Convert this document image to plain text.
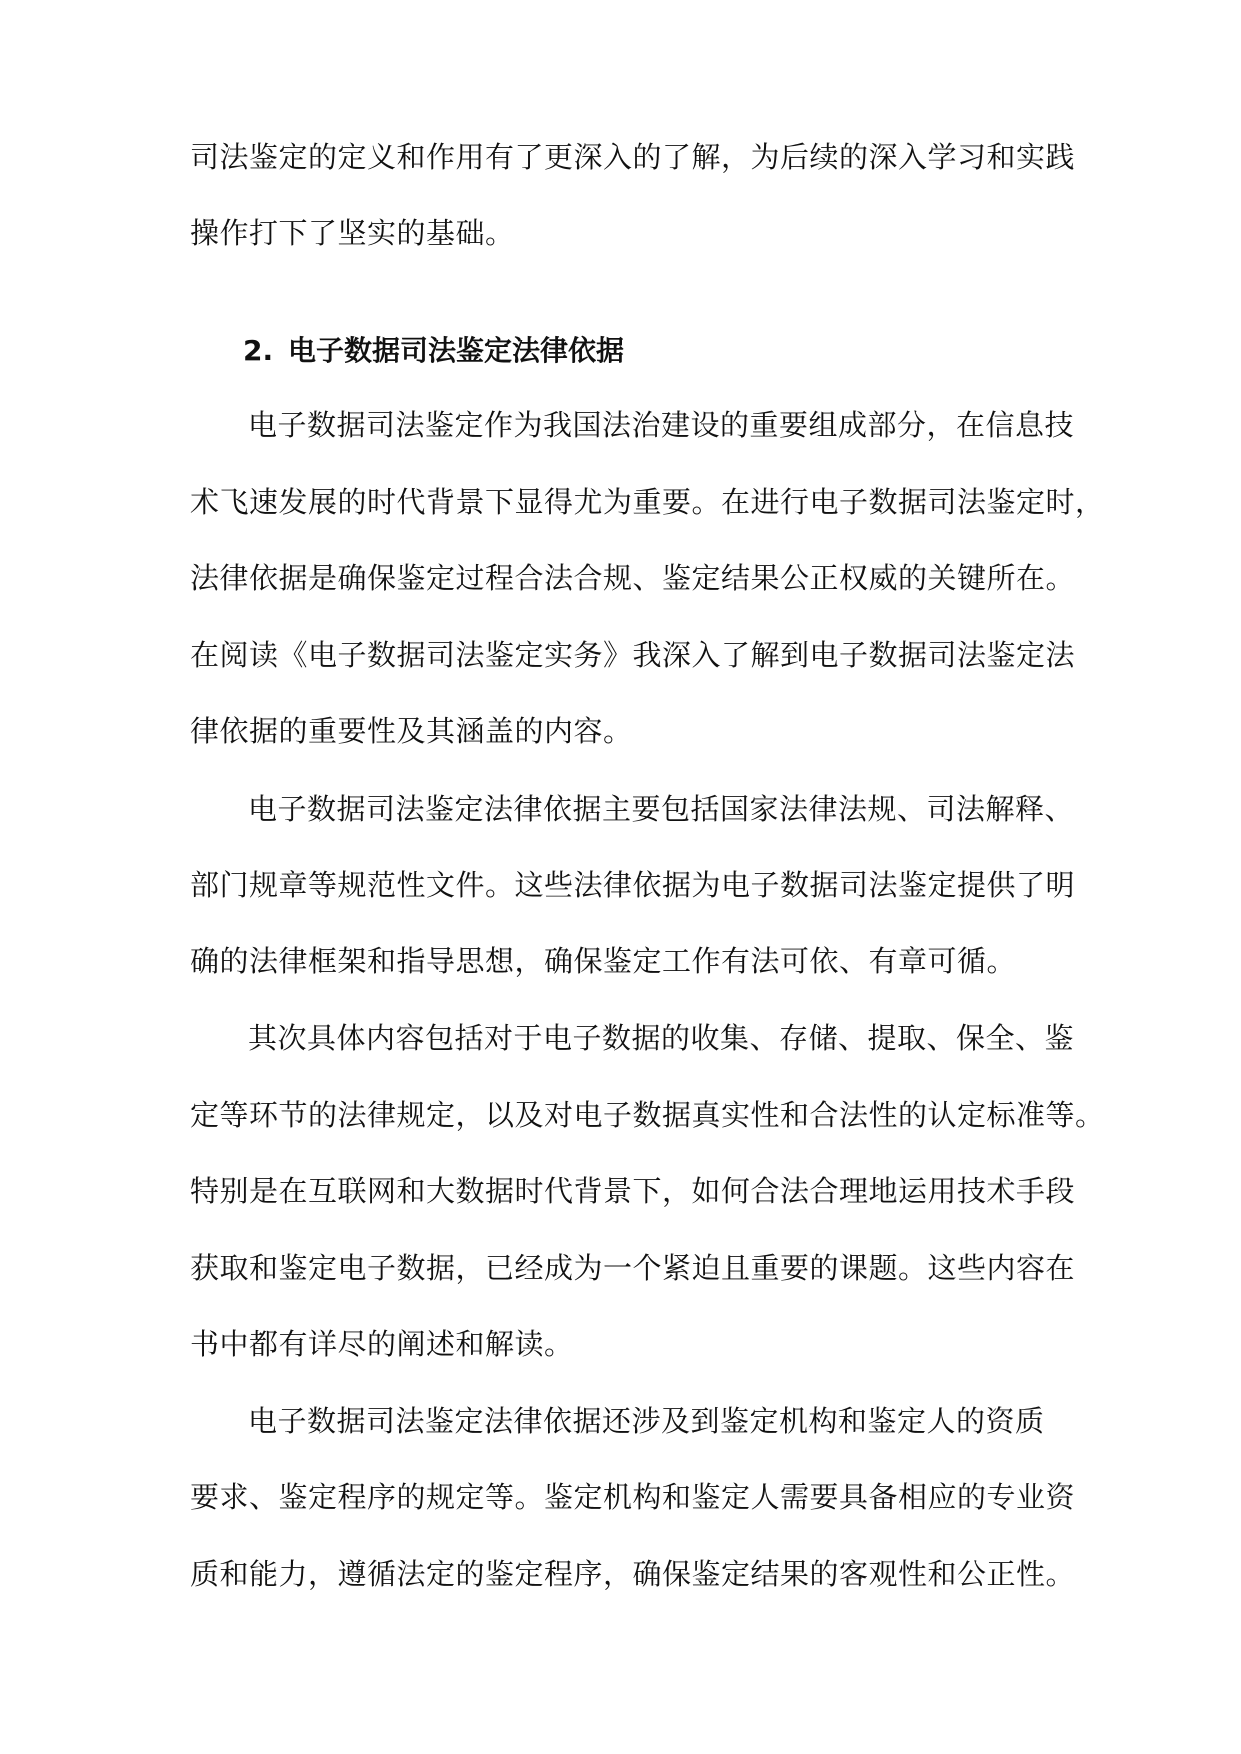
司法鉴定的定义和作用有了更深入的了解，为后续的深入学习和实践
操作打下了坚实的基础。
2. 电子数据司法鉴定法律依据
电子数据司法鉴定作为我国法治建设的重要组成部分，在信息技
术飞速发展的时代背景下显得尤为重要。在进行电子数据司法鉴定时，
法律依据是确保鉴定过程合法合规、鉴定结果公正权威的关键所在。
在阅读《电子数据司法鉴定实务》我深入了解到电子数据司法鉴定法
律依据的重要性及其涵盖的内容。
电子数据司法鉴定法律依据主要包括国家法律法规、司法解释、
部门规章等规范性文件。这些法律依据为电子数据司法鉴定提供了明
确的法律框架和指导思想，确保鉴定工作有法可依、有章可循。
其次具体内容包括对于电子数据的收集、存储、提取、保全、鉴
定等环节的法律规定，以及对电子数据真实性和合法性的认定标准等。
特别是在互联网和大数据时代背景下，如何合法合理地运用技术手段
获取和鉴定电子数据，已经成为一个紧迫且重要的课题。这些内容在
书中都有详尽的阐述和解读。
电子数据司法鉴定法律依据还涉及到鉴定机构和鉴定人的资质
要求、鉴定程序的规定等。鉴定机构和鉴定人需要具备相应的专业资
质和能力，遵循法定的鉴定程序，确保鉴定结果的客观性和公正性。
